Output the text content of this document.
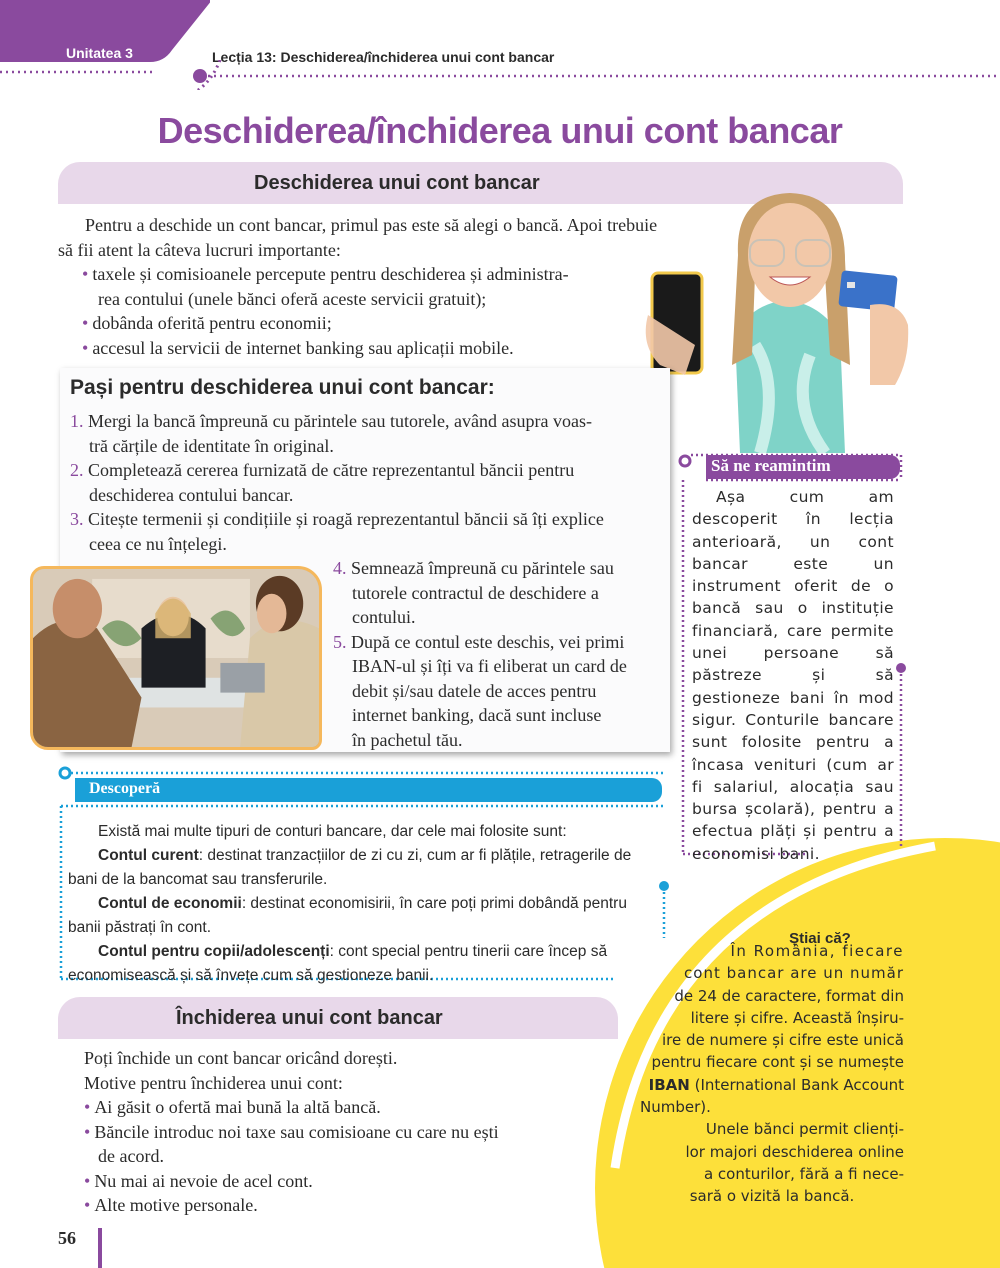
Unitatea 3	Lecția 13: Deschiderea/închiderea unui cont bancar
Deschiderea/închiderea unui cont bancar
Deschiderea unui cont bancar
Pentru a deschide un cont bancar, primul pas este să alegi o bancă. Apoi trebuie
să fii atent la câteva lucruri importante:
• taxele și comisioanele percepute pentru deschiderea și administra-
rea contului (unele bănci oferă aceste servicii gratuit);
• dobânda oferită pentru economii;
• accesul la servicii de internet banking sau aplicații mobile.
Pași pentru deschiderea unui cont bancar:
1. Mergi la bancă împreună cu părintele sau tutorele, având asupra voas-
tră cărțile de identitate în original.
2. Completează cererea furnizată de către reprezentantul băncii pentru
deschiderea contului bancar.
3. Citește termenii și condițiile și roagă reprezentantul băncii să îți explice
ceea ce nu înțelegi.
4. Semnează împreună cu părintele sau
tutorele contractul de deschidere a
contului.
5. După ce contul este deschis, vei primi
IBAN-ul și îți va fi eliberat un card de
debit și/sau datele de acces pentru
internet banking, dacă sunt incluse
în pachetul tău.
Să ne reamintim
Așa cum am descoperit în lecția anterioară, un cont bancar este un instrument oferit de o bancă sau o instituție financiară, care permite unei persoane să păstreze și să gestioneze bani în mod sigur. Conturile bancare sunt folosite pentru a încasa venituri (cum ar fi salariul, alocația sau bursa școlară), pentru a efectua plăți și pentru a economisi bani.
Descoperă
Există mai multe tipuri de conturi bancare, dar cele mai folosite sunt:
Contul curent: destinat tranzacțiilor de zi cu zi, cum ar fi plățile, retragerile de bani de la bancomat sau transferurile.
Contul de economii: destinat economisirii, în care poți primi dobândă pentru banii păstrați în cont.
Contul pentru copii/adolescenți: cont special pentru tinerii care încep să economisească și să învețe cum să gestioneze banii.
Închiderea unui cont bancar
Poți închide un cont bancar oricând dorești.
Motive pentru închiderea unui cont:
• Ai găsit o ofertă mai bună la altă bancă.
• Băncile introduc noi taxe sau comisioane cu care nu ești
de acord.
• Nu mai ai nevoie de acel cont.
• Alte motive personale.
Știai că?
În România, fiecare
cont bancar are un număr
de 24 de caractere, format din
litere și cifre. Această înșiru-
ire de numere și cifre este unică
pentru fiecare cont și se numește
IBAN (International Bank Account
Number).
Unele bănci permit clienți-
lor majori deschiderea online
a conturilor, fără a fi nece-
sară o vizită la bancă.
56
